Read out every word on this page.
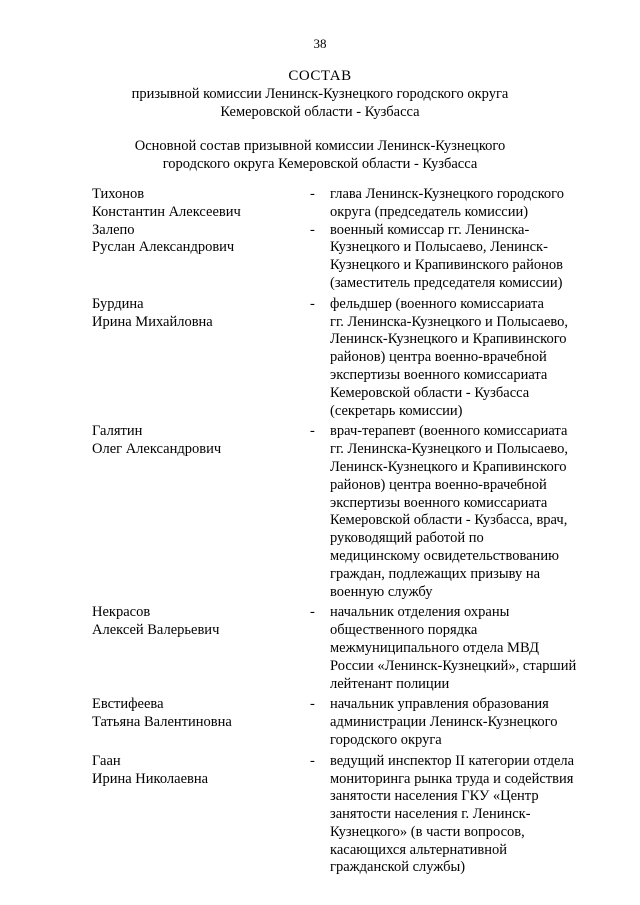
38
СОСТАВ
призывной комиссии Ленинск-Кузнецкого городского округа
Кемеровской области - Кузбасса
Основной состав призывной комиссии Ленинск-Кузнецкого
городского округа Кемеровской области - Кузбасса
Тихонов
Константин Алексеевич
-	глава Ленинск-Кузнецкого городского
округа (председатель комиссии)
Залепо
Руслан Александрович
-	военный комиссар гг. Ленинска-
Кузнецкого и Полысаево, Ленинск-
Кузнецкого и Крапивинского районов
(заместитель председателя комиссии)
Бурдина
Ирина Михайловна
-	фельдшер (военного комиссариата
гг. Ленинска-Кузнецкого и Полысаево,
Ленинск-Кузнецкого и Крапивинского
районов) центра военно-врачебной
экспертизы военного комиссариата
Кемеровской области - Кузбасса
(секретарь комиссии)
Галятин
Олег Александрович
-	врач-терапевт (военного комиссариата
гг. Ленинска-Кузнецкого и Полысаево,
Ленинск-Кузнецкого и Крапивинского
районов) центра военно-врачебной
экспертизы военного комиссариата
Кемеровской области - Кузбасса, врач,
руководящий работой по
медицинскому освидетельствованию
граждан, подлежащих призыву на
военную службу
Некрасов
Алексей Валерьевич
-	начальник отделения охраны
общественного порядка
межмуниципального отдела МВД
России «Ленинск-Кузнецкий», старший
лейтенант полиции
Евстифеева
Татьяна Валентиновна
-	начальник управления образования
администрации Ленинск-Кузнецкого
городского округа
Гаан
Ирина Николаевна
-	ведущий инспектор II категории отдела
мониторинга рынка труда и содействия
занятости населения ГКУ «Центр
занятости населения г. Ленинск-
Кузнецкого» (в части вопросов,
касающихся альтернативной
гражданской службы)
